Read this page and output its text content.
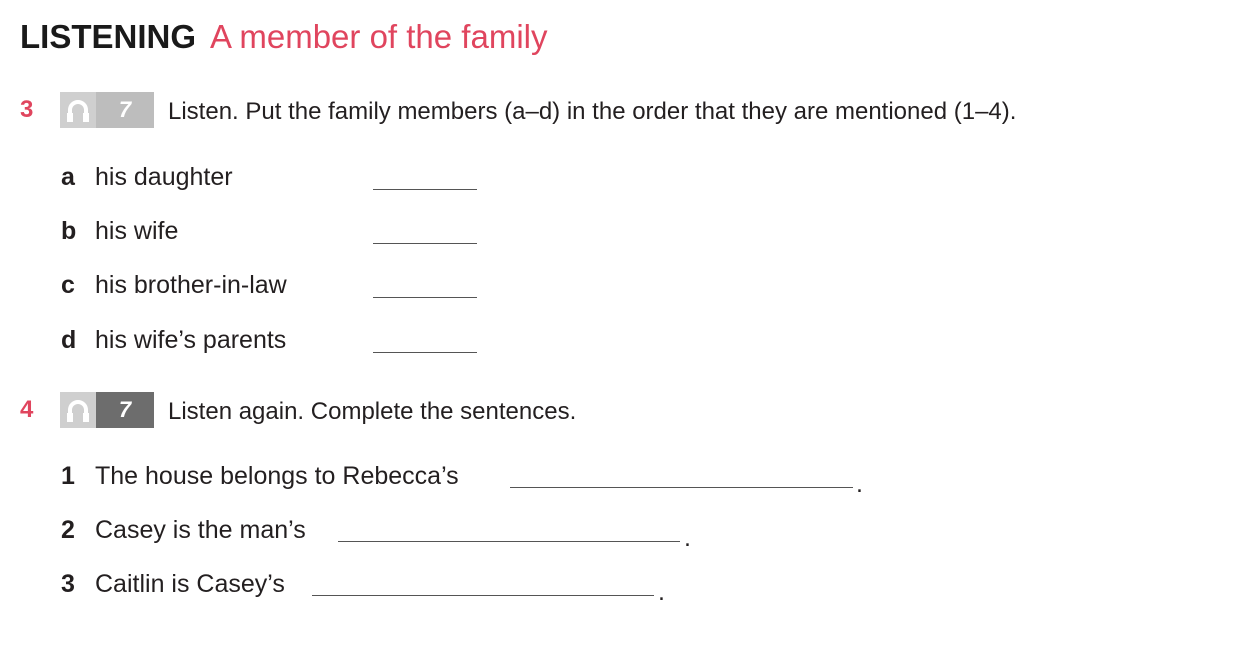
LISTENING A member of the family
3	7	Listen. Put the family members (a–d) in the order that they are mentioned (1–4).
a his daughter
b his wife
c his brother-in-law
d his wife’s parents
4	7	Listen again. Complete the sentences.
1 The house belongs to Rebecca’s	.
2 Casey is the man’s	.
3 Caitlin is Casey’s	.
